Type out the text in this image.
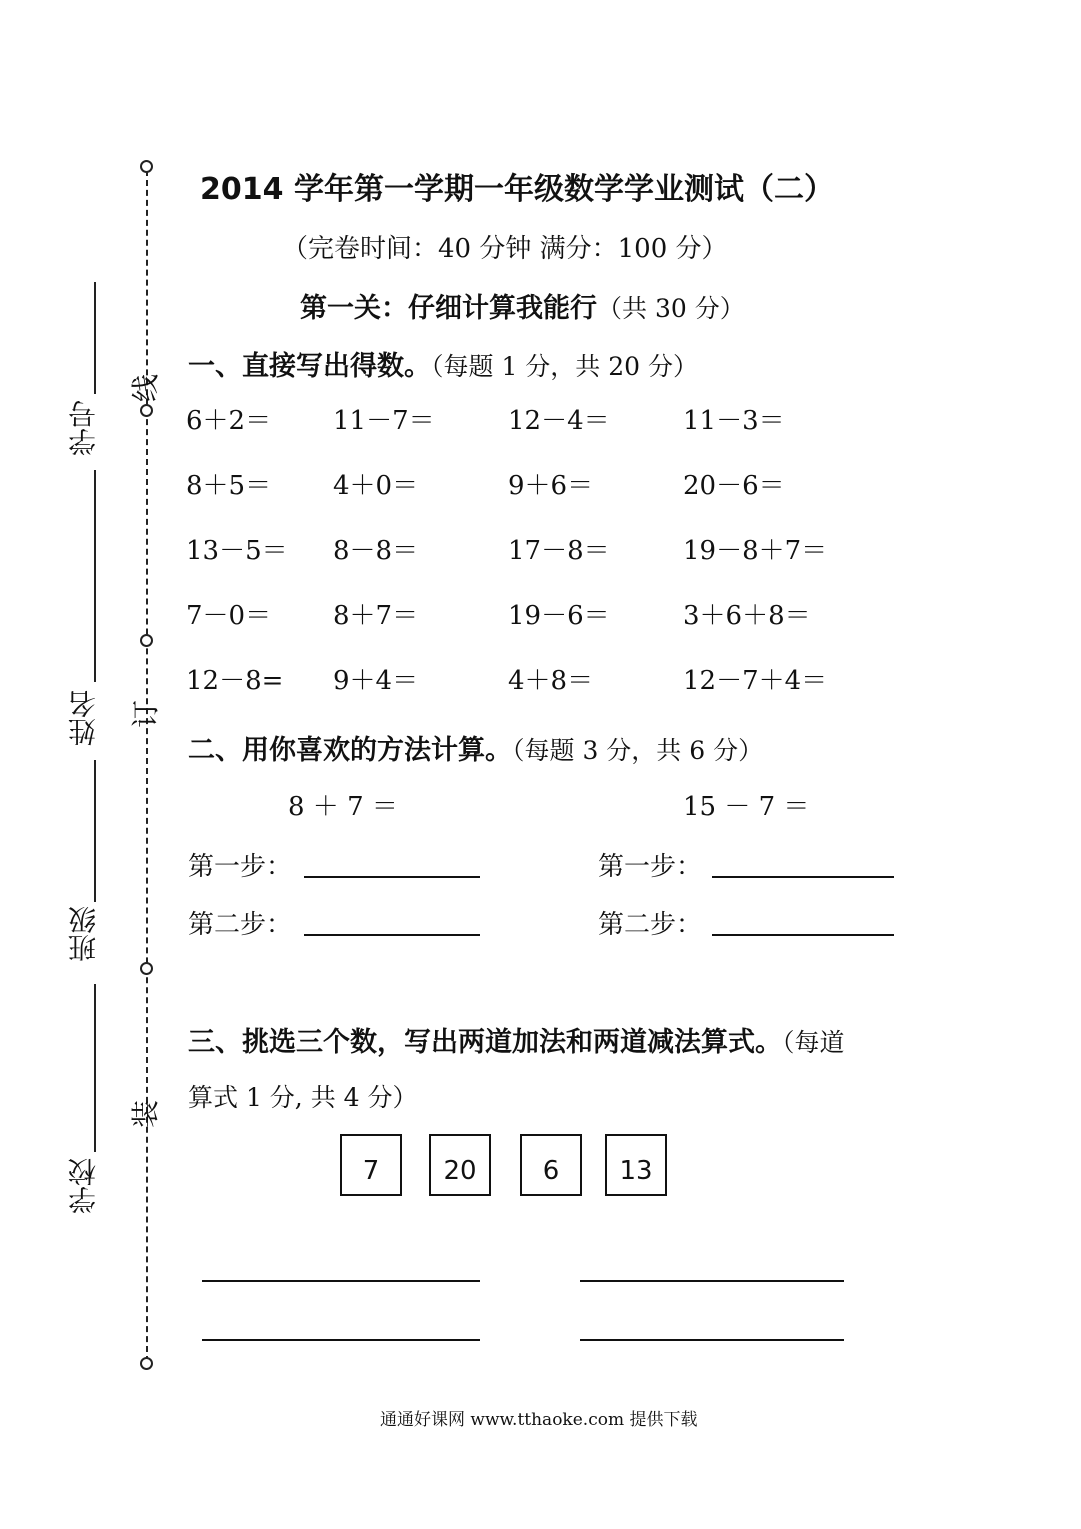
线
订
装
学号
姓名
班级
学校
2014 学年第一学期一年级数学学业测试（二）
（完卷时间：40 分钟 满分：100 分）
第一关：仔细计算我能行（共 30 分）
一、直接写出得数。（每题 1 分，共 20 分）
6＋2＝ 11－7＝	12－4＝	11－3＝
8＋5＝ 4＋0＝	9＋6＝	20－6＝
13－5＝ 8－8＝	17－8＝	19－8＋7＝
7－0＝ 8＋7＝	19－6＝	3＋6＋8＝
12－8= 9＋4＝	4＋8＝	12－7＋4＝
二、用你喜欢的方法计算。（每题 3 分，共 6 分）
8 ＋ 7 ＝	15 － 7 ＝
第一步：	第一步：
第二步：	第二步：
三、挑选三个数，写出两道加法和两道减法算式。（每道
算式 1 分, 共 4 分）
7	20	6	13
通通好课网 www.tthaoke.com 提供下载
